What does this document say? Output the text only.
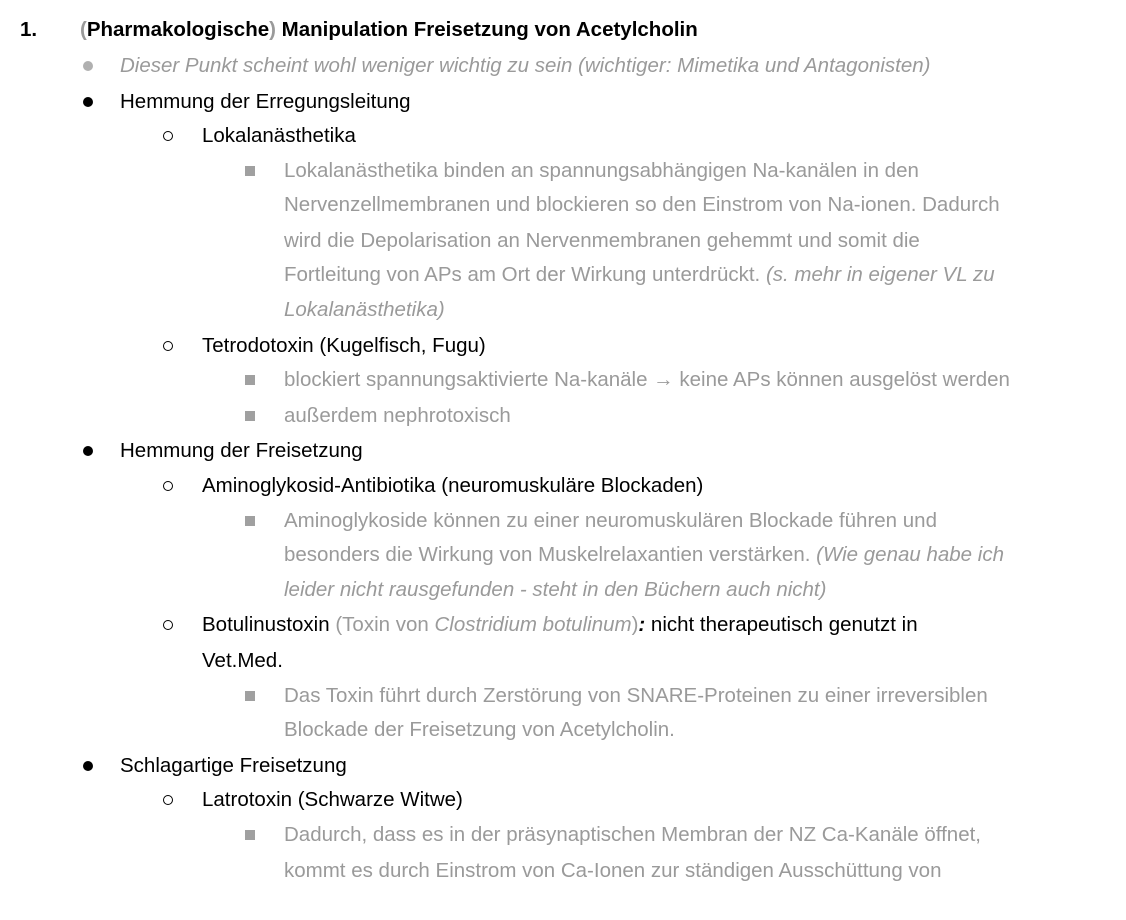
1. (Pharmakologische) Manipulation Freisetzung von Acetylcholin
Dieser Punkt scheint wohl weniger wichtig zu sein (wichtiger: Mimetika und Antagonisten)
Hemmung der Erregungsleitung
Lokalanästhetika
Lokalanästhetika binden an spannungsabhängigen Na-kanälen in den
Nervenzellmembranen und blockieren so den Einstrom von Na-ionen. Dadurch
wird die Depolarisation an Nervenmembranen gehemmt und somit die
Fortleitung von APs am Ort der Wirkung unterdrückt. (s. mehr in eigener VL zu
Lokalanästhetika)
Tetrodotoxin (Kugelfisch, Fugu)
blockiert spannungsaktivierte Na-kanäle → keine APs können ausgelöst werden
außerdem nephrotoxisch
Hemmung der Freisetzung
Aminoglykosid-Antibiotika (neuromuskuläre Blockaden)
Aminoglykoside können zu einer neuromuskulären Blockade führen und
besonders die Wirkung von Muskelrelaxantien verstärken. (Wie genau habe ich
leider nicht rausgefunden - steht in den Büchern auch nicht)
Botulinustoxin (Toxin von Clostridium botulinum): nicht therapeutisch genutzt in
Vet.Med.
Das Toxin führt durch Zerstörung von SNARE-Proteinen zu einer irreversiblen
Blockade der Freisetzung von Acetylcholin.
Schlagartige Freisetzung
Latrotoxin (Schwarze Witwe)
Dadurch, dass es in der präsynaptischen Membran der NZ Ca-Kanäle öffnet,
kommt es durch Einstrom von Ca-Ionen zur ständigen Ausschüttung von
